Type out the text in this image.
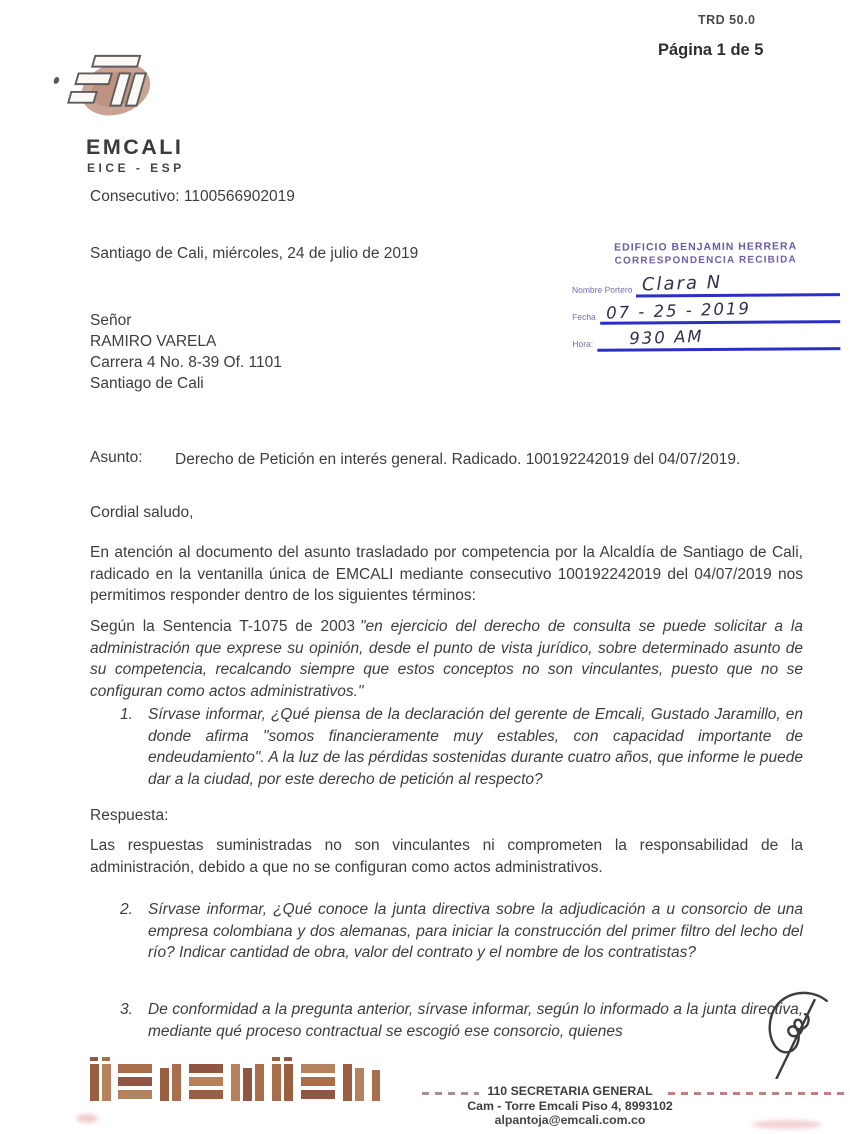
TRD 50.0
Página 1 de 5
EMCALI
EICE - ESP
Consecutivo: 1100566902019
Santiago de Cali, miércoles, 24 de julio de 2019	EDIFICIO BENJAMIN HERRERA
CORRESPONDENCIA RECIBIDA
Nombre Portero Clara N
Fecha 07 - 25 - 2019
Hora:	930 AM
Señor
RAMIRO VARELA
Carrera 4 No. 8-39 Of. 1101
Santiago de Cali
Asunto: Derecho de Petición en interés general. Radicado. 100192242019 del 04/07/2019.
Cordial saludo,

En atención al documento del asunto trasladado por competencia por la Alcaldía de Santiago de Cali, radicado en la ventanilla única de EMCALI mediante consecutivo 100192242019 del 04/07/2019 nos permitimos responder dentro de los siguientes términos:

Según la Sentencia T-1075 de 2003 "en ejercicio del derecho de consulta se puede solicitar a la administración que exprese su opinión, desde el punto de vista jurídico, sobre determinado asunto de su competencia, recalcando siempre que estos conceptos no son vinculantes, puesto que no se configuran como actos administrativos."

1. Sírvase informar, ¿Qué piensa de la declaración del gerente de Emcali, Gustado Jaramillo, en donde afirma "somos financieramente muy estables, con capacidad importante de endeudamiento". A la luz de las pérdidas sostenidas durante cuatro años, que informe le puede dar a la ciudad, por este derecho de petición al respecto?
Respuesta:

Las respuestas suministradas no son vinculantes ni comprometen la responsabilidad de la administración, debido a que no se configuran como actos administrativos.

2. Sírvase informar, ¿Qué conoce la junta directiva sobre la adjudicación a u consorcio de una empresa colombiana y dos alemanas, para iniciar la construcción del primer filtro del lecho del río? Indicar cantidad de obra, valor del contrato y el nombre de los contratistas?
3. De conformidad a la pregunta anterior, sírvase informar, según lo informado a la junta directiva, mediante qué proceso contractual se escogió ese consorcio, quienes
110 SECRETARIA GENERAL
Cam - Torre Emcali Piso 4, 8993102
alpantoja@emcali.com.co
